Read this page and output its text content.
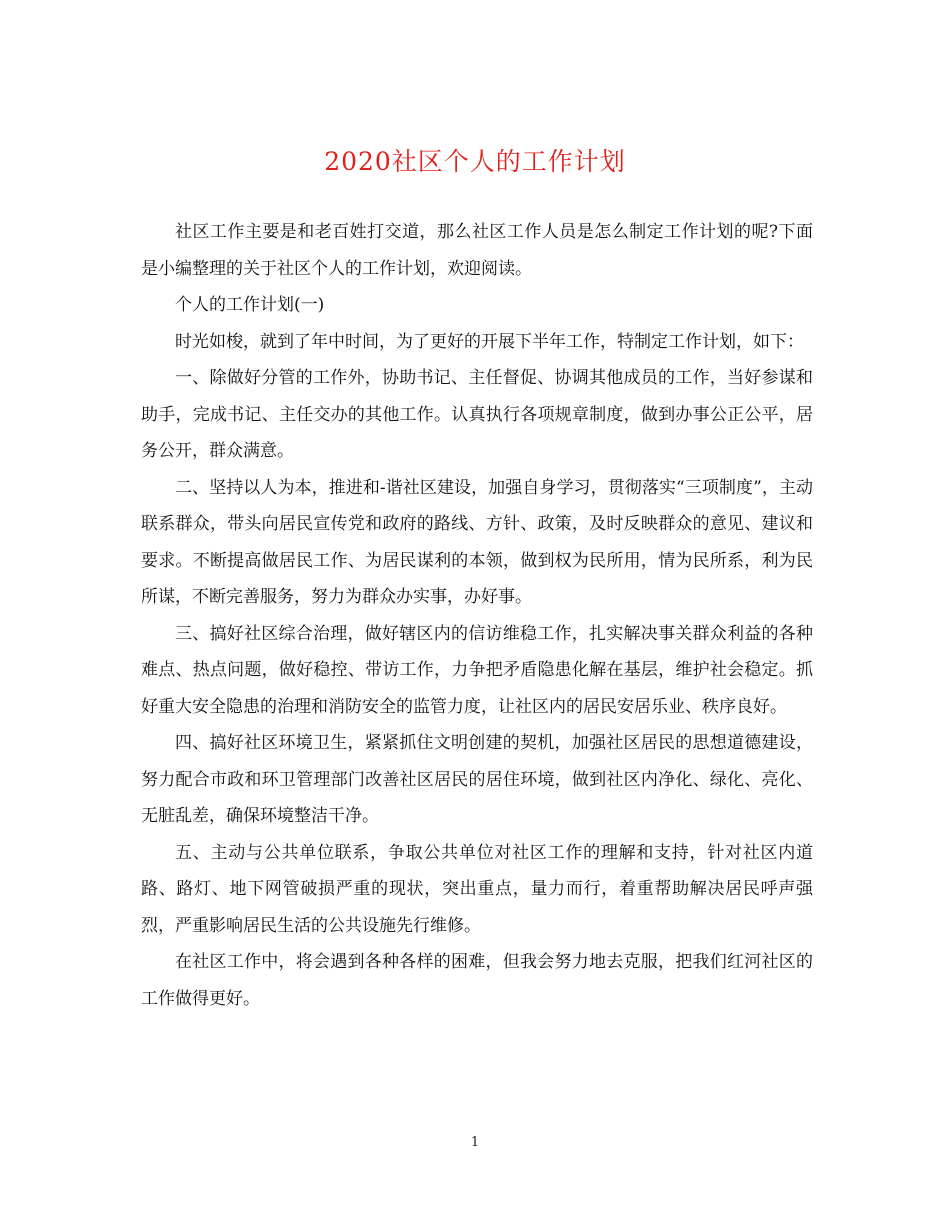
2020社区个人的工作计划

社区工作主要是和老百姓打交道，那么社区工作人员是怎么制定工作计划的呢?下面是小编整理的关于社区个人的工作计划，欢迎阅读。

个人的工作计划(一)

时光如梭，就到了年中时间，为了更好的开展下半年工作，特制定工作计划，如下：

一、除做好分管的工作外，协助书记、主任督促、协调其他成员的工作，当好参谋和助手，完成书记、主任交办的其他工作。认真执行各项规章制度，做到办事公正公平，居务公开，群众满意。

二、坚持以人为本，推进和-谐社区建设，加强自身学习，贯彻落实“三项制度”，主动联系群众，带头向居民宣传党和政府的路线、方针、政策，及时反映群众的意见、建议和要求。不断提高做居民工作、为居民谋利的本领，做到权为民所用，情为民所系，利为民所谋，不断完善服务，努力为群众办实事，办好事。

三、搞好社区综合治理，做好辖区内的信访维稳工作，扎实解决事关群众利益的各种难点、热点问题，做好稳控、带访工作，力争把矛盾隐患化解在基层，维护社会稳定。抓好重大安全隐患的治理和消防安全的监管力度，让社区内的居民安居乐业、秩序良好。

四、搞好社区环境卫生，紧紧抓住文明创建的契机，加强社区居民的思想道德建设，努力配合市政和环卫管理部门改善社区居民的居住环境，做到社区内净化、绿化、亮化、无脏乱差，确保环境整洁干净。

五、主动与公共单位联系，争取公共单位对社区工作的理解和支持，针对社区内道路、路灯、地下网管破损严重的现状，突出重点，量力而行，着重帮助解决居民呼声强烈，严重影响居民生活的公共设施先行维修。

在社区工作中，将会遇到各种各样的困难，但我会努力地去克服，把我们红河社区的工作做得更好。

1
